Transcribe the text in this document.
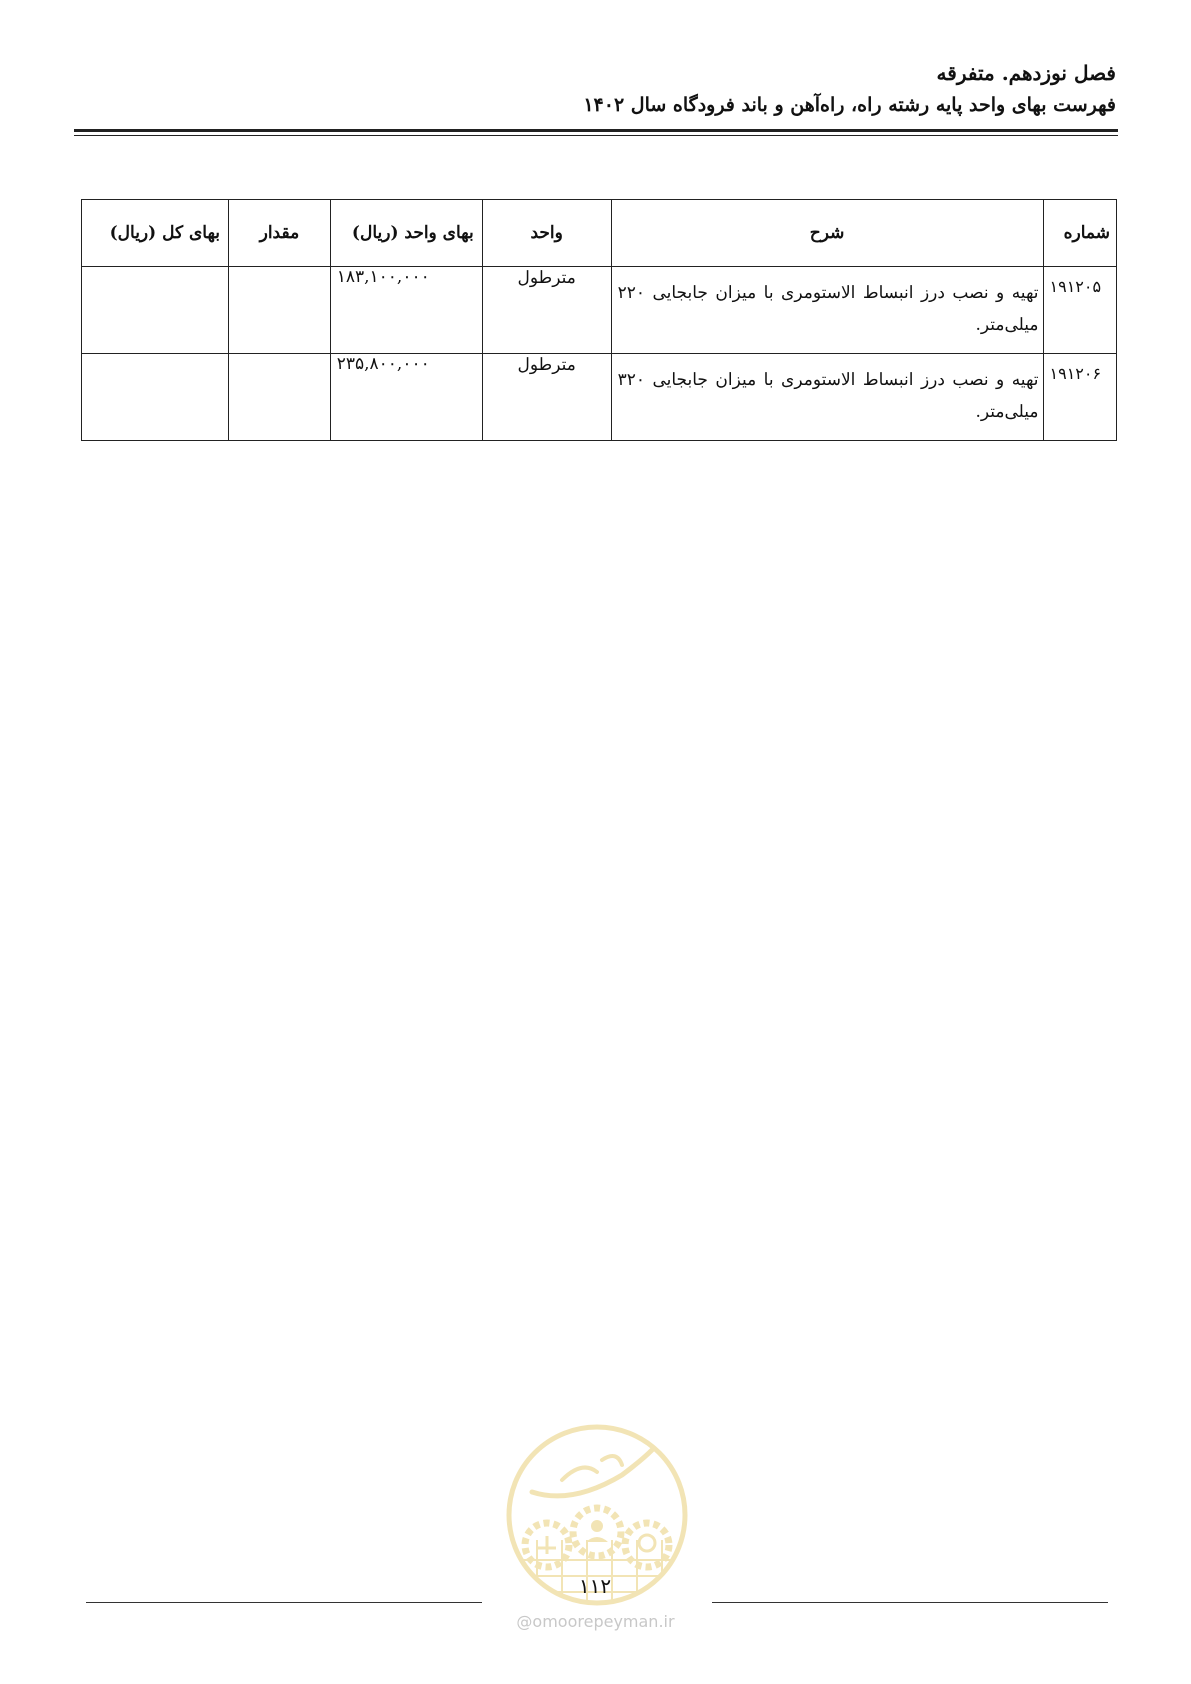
فصل نوزدهم. متفرقه
فهرست بهای واحد پایه رشته راه، راه‌آهن و باند فرودگاه سال ۱۴۰۲
شماره	شرح	واحد	بهای واحد (ریال)	مقدار	بهای کل (ریال)
۱۹۱۲۰۵	تهیه و نصب درز انبساط الاستومری با میزان جابجایی ۲۲۰ میلی‌متر.	مترطول	۱۸۳,۱۰۰,۰۰۰		
۱۹۱۲۰۶	تهیه و نصب درز انبساط الاستومری با میزان جابجایی ۳۲۰ میلی‌متر.	مترطول	۲۳۵,۸۰۰,۰۰۰		
@omoorepeyman.ir
۱۱۲
